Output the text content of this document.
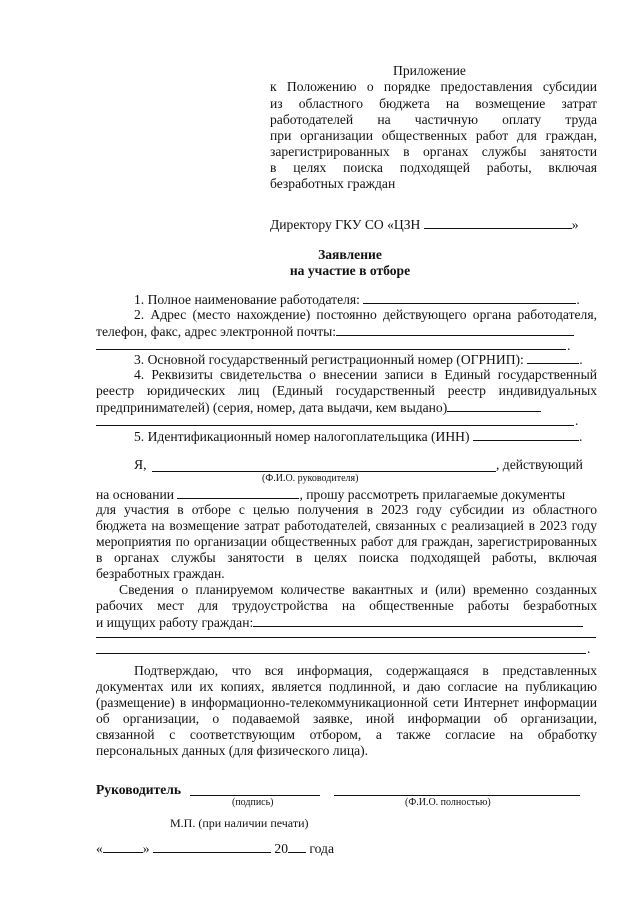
Приложение
к Положению о порядке предоставления субсидии
из областного бюджета на возмещение затрат
работодателей на частичную оплату труда
при организации общественных работ для граждан,
зарегистрированных в органах службы занятости
в целях поиска подходящей работы, включая
безработных граждан
Директору ГКУ СО «ЦЗН	»
Заявление
на участие в отборе
1. Полное наименование работодателя:	.
2. Адрес (место нахождение) постоянно действующего органа работодателя,
телефон, факс, адрес электронной почты:
.
3. Основной государственный регистрационный номер (ОГРНИП):	.
4. Реквизиты свидетельства о внесении записи в Единый государственный
реестр юридических лиц (Единый государственный реестр индивидуальных
предпринимателей) (серия, номер, дата выдачи, кем выдано)
.
5. Идентификационный номер налогоплательщика (ИНН)	.
Я,	, действующий
(Ф.И.О. руководителя)
на основании	, прошу рассмотреть прилагаемые документы
для участия в отборе с целью получения в 2023 году субсидии из областного
бюджета на возмещение затрат работодателей, связанных с реализацией в 2023 году
мероприятия по организации общественных работ для граждан, зарегистрированных
в органах службы занятости в целях поиска подходящей работы, включая
безработных граждан.
Сведения о планируемом количестве вакантных и (или) временно созданных
рабочих мест для трудоустройства на общественные работы безработных
и ищущих работу граждан:
.
Подтверждаю, что вся информация, содержащаяся в представленных
документах или их копиях, является подлинной, и даю согласие на публикацию
(размещение) в информационно-телекоммуникационной сети Интернет информации
об организации, о подаваемой заявке, иной информации об организации,
связанной с соответствующим отбором, а также согласие на обработку
персональных данных (для физического лица).
Руководитель
(подпись)	(Ф.И.О. полностью)
М.П. (при наличии печати)
«	»	20 года
